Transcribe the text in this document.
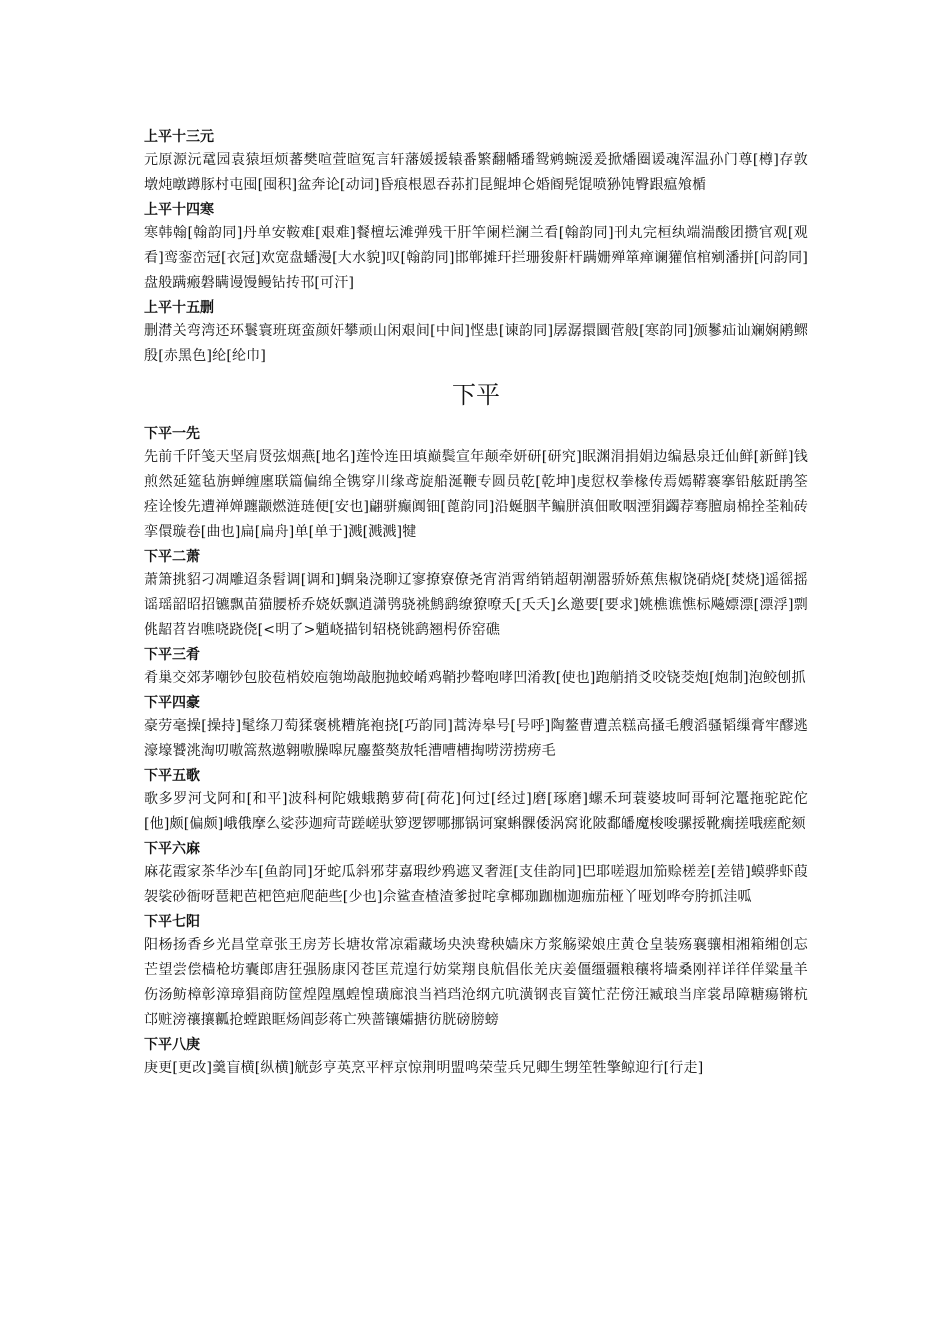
上平十三元

元原源沅鼋园袁猿垣烦蕃樊喧萱暄冤言轩藩媛援辕番繁翻幡璠鸳鹓蜿湲爰掀燔圈谖魂浑温孙门尊[樽]存敦墩炖暾蹲豚村屯囤[囤积]盆奔论[动词]昏痕根恩吞荪扪昆鲲坤仑婚阍髡馄喷狲饨臀跟瘟飧楯

上平十四寒

寒韩翰[翰韵同]丹单安鞍难[艰难]餐檀坛滩弹残干肝竿阑栏澜兰看[翰韵同]刊丸完桓纨端湍酸团攒官观[观看]鸾銮峦冠[衣冠]欢宽盘蟠漫[大水貌]叹[翰韵同]邯郸摊玕拦珊狻鼾杆蹒姗殚箪瘅谰獾倌棺剜潘拼[问韵同]盘般蹒瘢磐瞒谩馒鳗钻抟邗[可汗]

上平十五删

删潸关弯湾还环鬟寰班斑蛮颜奸攀顽山闲艰间[中间]悭患[谏韵同]孱潺擐圜菅般[寒韵同]颁鬖疝讪斓娴鹇鳏殷[赤黑色]纶[纶巾]

下平

下平一先

先前千阡笺天坚肩贤弦烟燕[地名]莲怜连田填巅鬓宣年颠牵妍研[研究]眠渊涓捐娟边编悬泉迁仙鲜[新鲜]钱煎然延筵毡旃蝉缠廛联篇偏绵全镌穿川缘鸢旋船涎鞭专圆员乾[乾坤]虔愆权拳椽传焉嫣鞯褰搴铅舷跹鹃筌痊诠悛先遭禅婵躔颛燃涟琏便[安也]翩骈癫阗钿[蓖韵同]沿蜒胭芊鳊胼滇佃畋咽湮狷蠲荐骞膻扇棉拴荃籼砖挛儇璇卷[曲也]扁[扁舟]单[单于]溅[溅溅]犍

下平二萧

萧箫挑貂刁凋雕迢条髫调[调和]蜩枭浇聊辽寥撩寮僚尧宵消霄绡销超朝潮嚣骄娇蕉焦椒饶硝烧[焚烧]遥徭摇谣瑶韶昭招镳飘苗猫腰桥乔娆妖飘逍潇鸮骁祧鹪鹞缭獠嘹夭[夭夭]幺邀要[要求]姚樵谯憔标飚嫖漂[漂浮]剽佻龆苕岧噍哓跷侥[<明了>魈峣描钊轺桡铫鹞翘枵侨窑礁

下平三肴

肴巢交郊茅嘲钞包胶苞梢姣庖匏坳敲胞抛蛟崤鸡鞘抄聱咆哮凹淆教[使也]跑艄捎爻咬铙茭炮[炮制]泡鲛刨抓

下平四豪

豪劳毫操[操持]髦绦刀萄猱褒桃糟旄袍挠[巧韵同]蒿涛皋号[号呼]陶鳌曹遭羔糕高搔毛艘滔骚韬缫膏牢醪逃濠壕饕洮淘叨嗷篙熬遨翱嗷臊嗥尻鏖螯獒敖牦漕嘈槽掏唠涝捞痨毛

下平五歌

歌多罗河戈阿和[和平]波科柯陀娥蛾鹅萝荷[荷花]何过[经过]磨[琢磨]螺禾珂蓑婆坡呵哥轲沱鼍拖驼跎佗[他]颇[偏颇]峨俄摩么娑莎迦疴苛蹉嵯驮箩逻锣哪挪锅诃窠蝌髁倭涡窝讹陂鄱皤魔梭唆骡挼靴瘸搓哦瘥酡颏

下平六麻

麻花霞家茶华沙车[鱼韵同]牙蛇瓜斜邪芽嘉瑕纱鸦遮叉奢涯[支佳韵同]巴耶嗟遐加笳赊槎差[差错]蟆骅虾葭袈裟砂衙呀琶耙芭杷笆疤爬葩些[少也]佘鲨查楂渣爹挝咤拿椰珈跏枷迦痂茄桠丫哑划哗夸胯抓洼呱

下平七阳

阳杨扬香乡光昌堂章张王房芳长塘妆常凉霜藏场央泱鸯秧嫱床方浆觞梁娘庄黄仓皇装殇襄骧相湘箱缃创忘芒望尝偿樯枪坊囊郎唐狂强肠康冈苍匡荒遑行妨棠翔良航倡伥羌庆姜僵缰疆粮穰将墙桑刚祥详徉佯粱量羊伤汤鲂樟彰漳璋猖商防筐煌隍凰蝗惶璜廊浪当裆珰沧纲亢吭潢钢丧盲簧忙茫傍汪臧琅当庠裳昂障糖瘍锵杭邙赃滂禳攘瓤抢螳踉眶炀阊彭蒋亡殃蔷镶孀搪彷胱磅膀螃

下平八庚

庚更[更改]羹盲横[纵横]觥彭亨英烹平枰京惊荆明盟鸣荣莹兵兄卿生甥笙牲擎鲸迎行[行走]
